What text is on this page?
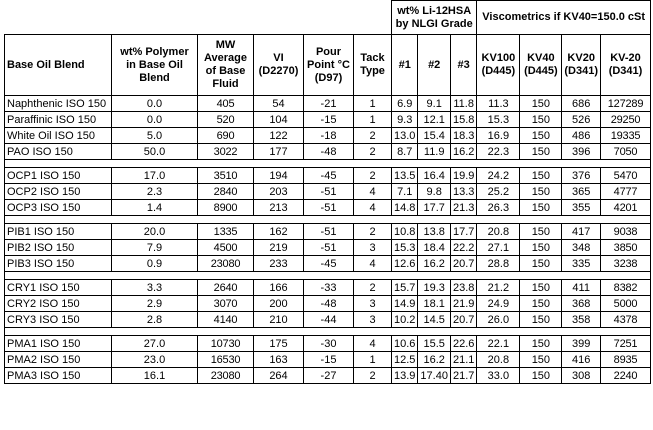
						wt% Li-12HSA by NLGI Grade			Viscometrics if KV40=150.0 cSt			
Base Oil Blend	wt% Polymer in Base Oil Blend	MW Average of Base Fluid	VI (D2270)	Pour Point °C (D97)	Tack Type	#1	#2	#3	KV100 (D445)	KV40 (D445)	KV20 (D341)	KV-20 (D341)
Naphthenic ISO 150	0.0	405	54	-21	1	6.9	9.1	11.8	11.3	150	686	127289
Paraffinic ISO 150	0.0	520	104	-15	1	9.3	12.1	15.8	15.3	150	526	29250
White Oil ISO 150	5.0	690	122	-18	2	13.0	15.4	18.3	16.9	150	486	19335
PAO ISO 150	50.0	3022	177	-48	2	8.7	11.9	16.2	22.3	150	396	7050

OCP1 ISO 150	17.0	3510	194	-45	2	13.5	16.4	19.9	24.2	150	376	5470
OCP2 ISO 150	2.3	2840	203	-51	4	7.1	9.8	13.3	25.2	150	365	4777
OCP3 ISO 150	1.4	8900	213	-51	4	14.8	17.7	21.3	26.3	150	355	4201

PIB1 ISO 150	20.0	1335	162	-51	2	10.8	13.8	17.7	20.8	150	417	9038
PIB2 ISO 150	7.9	4500	219	-51	3	15.3	18.4	22.2	27.1	150	348	3850
PIB3 ISO 150	0.9	23080	233	-45	4	12.6	16.2	20.7	28.8	150	335	3238

CRY1 ISO 150	3.3	2640	166	-33	2	15.7	19.3	23.8	21.2	150	411	8382
CRY2 ISO 150	2.9	3070	200	-48	3	14.9	18.1	21.9	24.9	150	368	5000
CRY3 ISO 150	2.8	4140	210	-44	3	10.2	14.5	20.7	26.0	150	358	4378

PMA1 ISO 150	27.0	10730	175	-30	4	10.6	15.5	22.6	22.1	150	399	7251
PMA2 ISO 150	23.0	16530	163	-15	1	12.5	16.2	21.1	20.8	150	416	8935
PMA3 ISO 150	16.1	23080	264	-27	2	13.9	17.40	21.7	33.0	150	308	2240
